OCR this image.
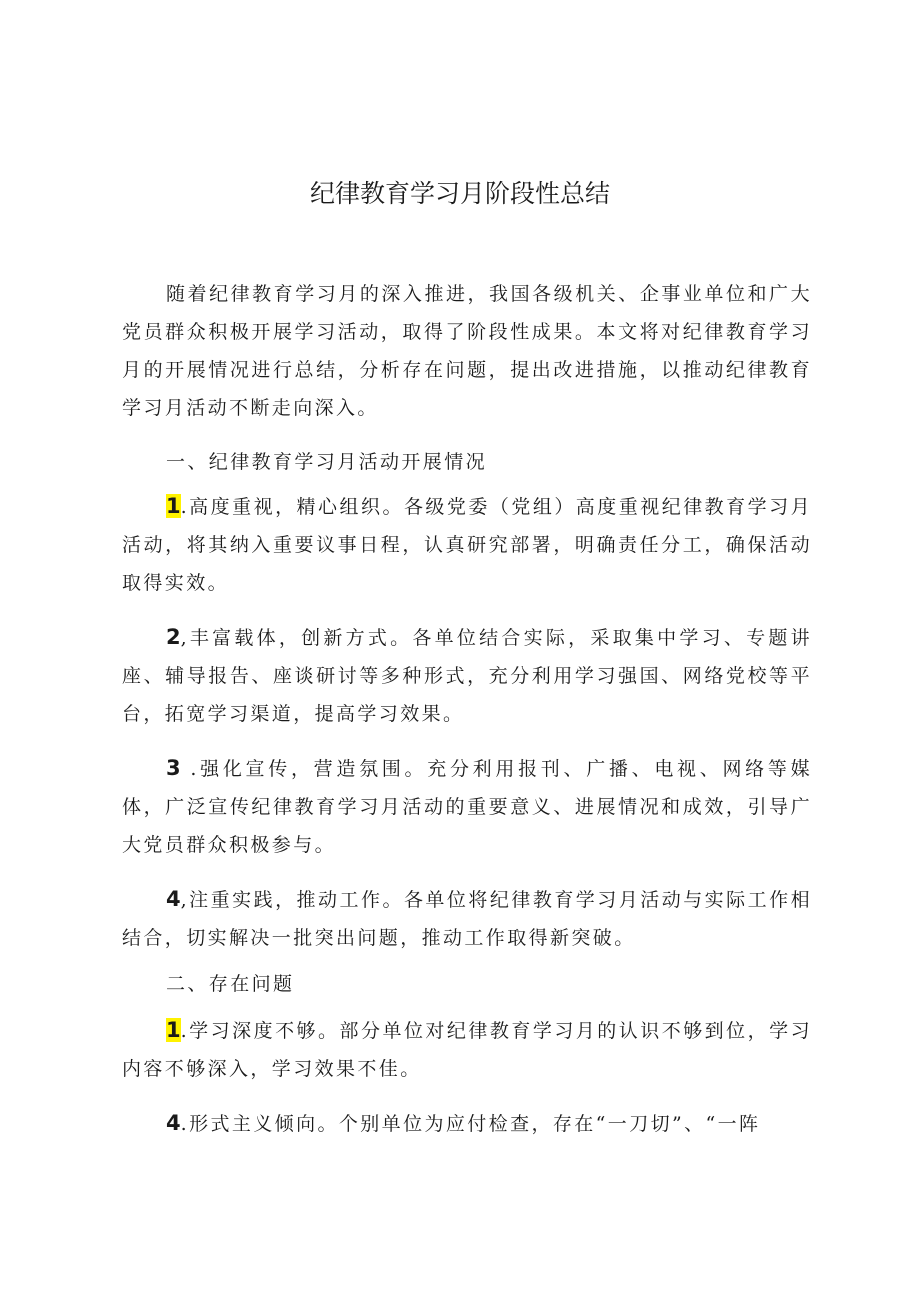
纪律教育学习月阶段性总结

随着纪律教育学习月的深入推进，我国各级机关、企事业单位和广大党员群众积极开展学习活动，取得了阶段性成果。本文将对纪律教育学习月的开展情况进行总结，分析存在问题，提出改进措施，以推动纪律教育学习月活动不断走向深入。

一、纪律教育学习月活动开展情况

1.高度重视，精心组织。各级党委（党组）高度重视纪律教育学习月活动，将其纳入重要议事日程，认真研究部署，明确责任分工，确保活动取得实效。

2,丰富载体，创新方式。各单位结合实际，采取集中学习、专题讲座、辅导报告、座谈研讨等多种形式，充分利用学习强国、网络党校等平台，拓宽学习渠道，提高学习效果。

3 .强化宣传，营造氛围。充分利用报刊、广播、电视、网络等媒体，广泛宣传纪律教育学习月活动的重要意义、进展情况和成效，引导广大党员群众积极参与。

4,注重实践，推动工作。各单位将纪律教育学习月活动与实际工作相结合，切实解决一批突出问题，推动工作取得新突破。

二、存在问题

1.学习深度不够。部分单位对纪律教育学习月的认识不够到位，学习内容不够深入，学习效果不佳。

4.形式主义倾向。个别单位为应付检查，存在“一刀切”、“一阵
